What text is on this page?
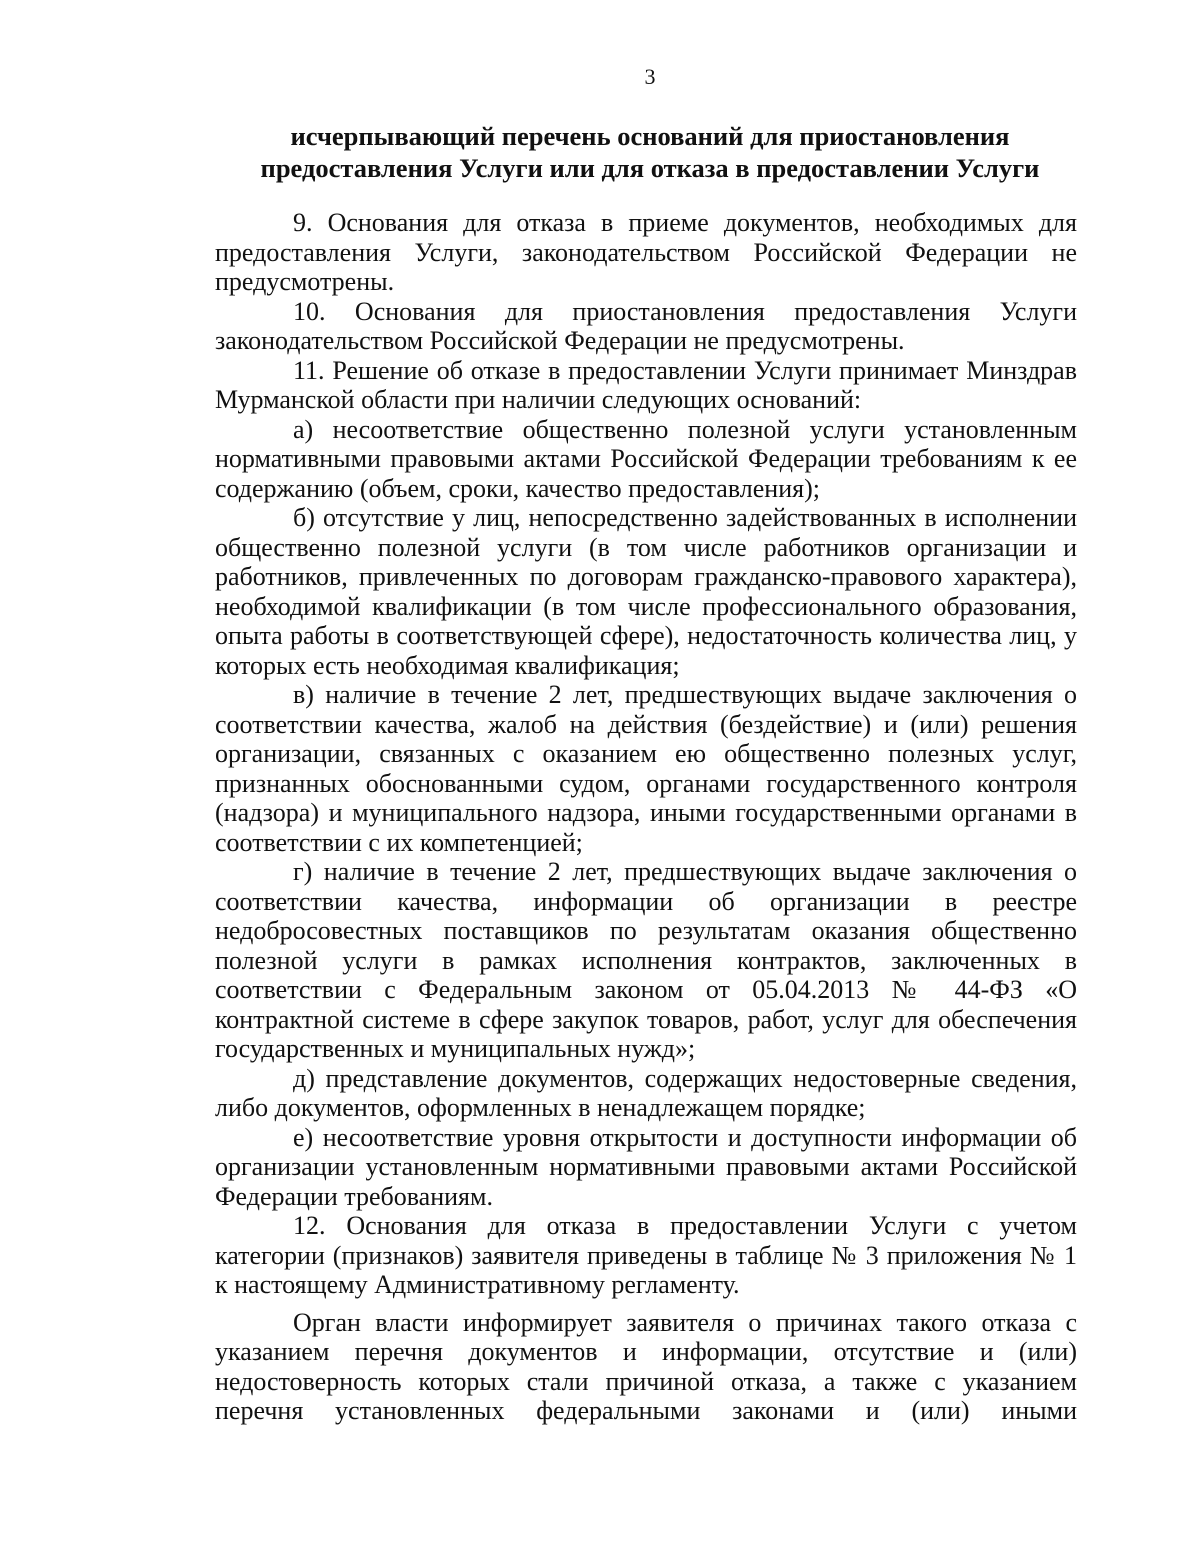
3
исчерпывающий перечень оснований для приостановления
предоставления Услуги или для отказа в предоставлении Услуги

9. Основания для отказа в приеме документов, необходимых для предоставления Услуги, законодательством Российской Федерации не предусмотрены.

10. Основания для приостановления предоставления Услуги законодательством Российской Федерации не предусмотрены.

11. Решение об отказе в предоставлении Услуги принимает Минздрав Мурманской области при наличии следующих оснований:

а) несоответствие общественно полезной услуги установленным нормативными правовыми актами Российской Федерации требованиям к ее содержанию (объем, сроки, качество предоставления);

б) отсутствие у лиц, непосредственно задействованных в исполнении общественно полезной услуги (в том числе работников организации и работников, привлеченных по договорам гражданско-правового характера), необходимой квалификации (в том числе профессионального образования, опыта работы в соответствующей сфере), недостаточность количества лиц, у которых есть необходимая квалификация;

в) наличие в течение 2 лет, предшествующих выдаче заключения о соответствии качества, жалоб на действия (бездействие) и (или) решения организации, связанных с оказанием ею общественно полезных услуг, признанных обоснованными судом, органами государственного контроля (надзора) и муниципального надзора, иными государственными органами в соответствии с их компетенцией;

г) наличие в течение 2 лет, предшествующих выдаче заключения о соответствии качества, информации об организации в реестре недобросовестных поставщиков по результатам оказания общественно полезной услуги в рамках исполнения контрактов, заключенных в соответствии с Федеральным законом от 05.04.2013 № 44-ФЗ «О контрактной системе в сфере закупок товаров, работ, услуг для обеспечения государственных и муниципальных нужд»;

д) представление документов, содержащих недостоверные сведения, либо документов, оформленных в ненадлежащем порядке;

е) несоответствие уровня открытости и доступности информации об организации установленным нормативными правовыми актами Российской Федерации требованиям.

12. Основания для отказа в предоставлении Услуги с учетом категории (признаков) заявителя приведены в таблице № 3 приложения № 1 к настоящему Административному регламенту.

Орган власти информирует заявителя о причинах такого отказа с указанием перечня документов и информации, отсутствие и (или) недостоверность которых стали причиной отказа, а также с указанием перечня установленных федеральными законами и (или) иными
